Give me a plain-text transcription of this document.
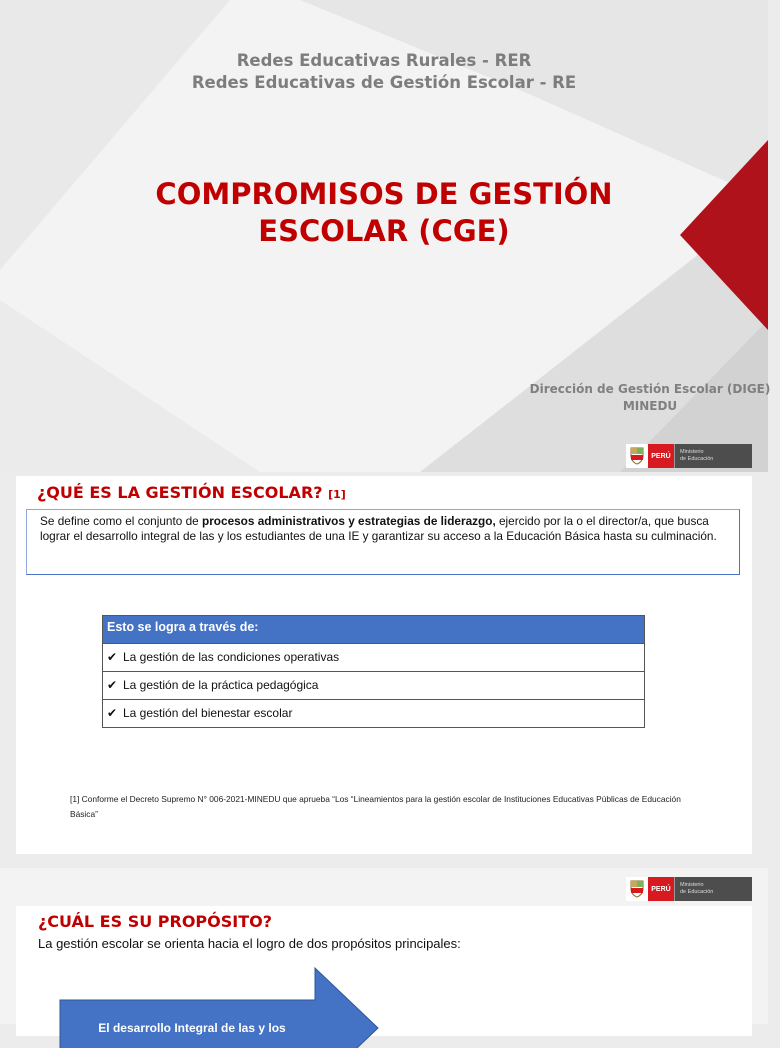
Redes Educativas Rurales - RER
Redes Educativas de Gestión Escolar - RE
COMPROMISOS DE GESTIÓN
ESCOLAR (CGE)
Dirección de Gestión Escolar (DIGE)
MINEDU
PERÚ
Ministerio
de Educación
¿QUÉ ES LA GESTIÓN ESCOLAR? [1]
Se define como el conjunto de procesos administrativos y estrategias de liderazgo, ejercido por la o el director/a, que busca lograr el desarrollo integral de las y los estudiantes de una IE y garantizar su acceso a la Educación Básica hasta su culminación.
Esto se logra a través de:
✔ La gestión de las condiciones operativas
✔ La gestión de la práctica pedagógica
✔ La gestión del bienestar escolar
[1] Conforme el Decreto Supremo N° 006-2021-MINEDU que aprueba “Los “Lineamientos para la gestión escolar de Instituciones Educativas Públicas de Educación Básica”
PERÚ
Ministerio
de Educación
¿CUÁL ES SU PROPÓSITO?
La gestión escolar se orienta hacia el logro de dos propósitos principales:
El desarrollo Integral de las y los
